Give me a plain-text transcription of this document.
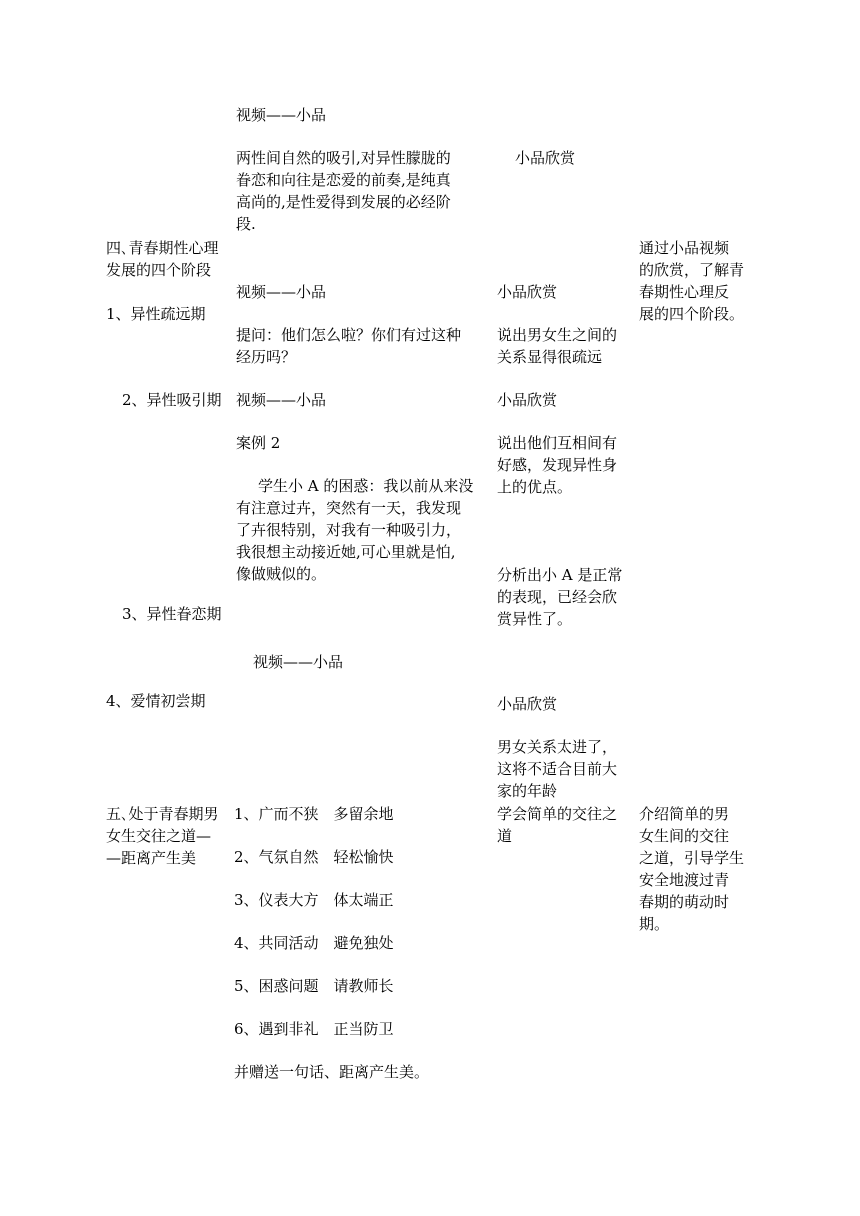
视频——小品
两性间自然的吸引,对异性朦胧的
眷恋和向往是恋爱的前奏,是纯真
高尚的,是性爱得到发展的必经阶
段.
视频——小品
提问：他们怎么啦？你们有过这种
经历吗？
视频——小品
案例 2
学生小 A 的困惑：我以前从来没
有注意过卉，突然有一天，我发现
了卉很特别，对我有一种吸引力，
我很想主动接近她,可心里就是怕,
像做贼似的。
视频——小品
1、广而不狭　多留余地
2、气氛自然　轻松愉快
3、仪表大方　体太端正
4、共同活动　避免独处
5、困惑问题　请教师长
6、遇到非礼　正当防卫
并赠送一句话、距离产生美。
四､青春期性心理
发展的四个阶段
1、异性疏远期
2、异性吸引期
3、异性眷恋期
4、爱情初尝期
五､处于青春期男
女生交往之道—
—距离产生美
小品欣赏
小品欣赏
说出男女生之间的
关系显得很疏远
小品欣赏
说出他们互相间有
好感，发现异性身
上的优点。
分析出小 A 是正常
的表现，已经会欣
赏异性了。
小品欣赏
男女关系太进了，
这将不适合目前大
家的年龄
学会简单的交往之
道
通过小品视频
的欣赏，了解青
春期性心理反
展的四个阶段。
介绍简单的男
女生间的交往
之道，引导学生
安全地渡过青
春期的萌动时
期。
